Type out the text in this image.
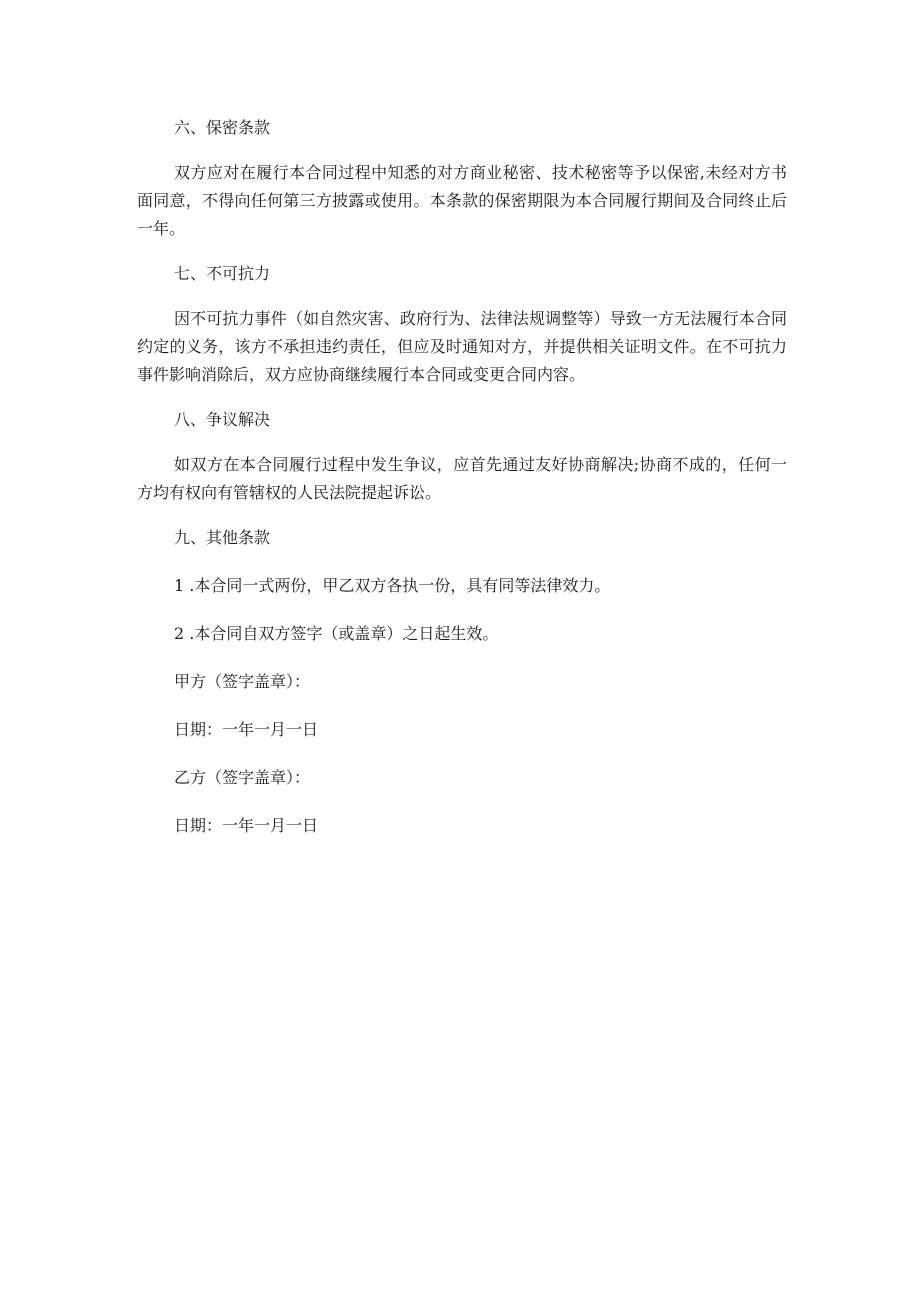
六、保密条款

双方应对在履行本合同过程中知悉的对方商业秘密、技术秘密等予以保密,未经对方书面同意，不得向任何第三方披露或使用。本条款的保密期限为本合同履行期间及合同终止后一年。

七、不可抗力

因不可抗力事件（如自然灾害、政府行为、法律法规调整等）导致一方无法履行本合同约定的义务，该方不承担违约责任，但应及时通知对方，并提供相关证明文件。在不可抗力事件影响消除后，双方应协商继续履行本合同或变更合同内容。

八、争议解决

如双方在本合同履行过程中发生争议，应首先通过友好协商解决;协商不成的，任何一方均有权向有管辖权的人民法院提起诉讼。

九、其他条款
1 .本合同一式两份，甲乙双方各执一份，具有同等法律效力。
2 .本合同自双方签字（或盖章）之日起生效。
甲方（签字盖章）：
日期：一年一月一日
乙方（签字盖章）：
日期：一年一月一日
